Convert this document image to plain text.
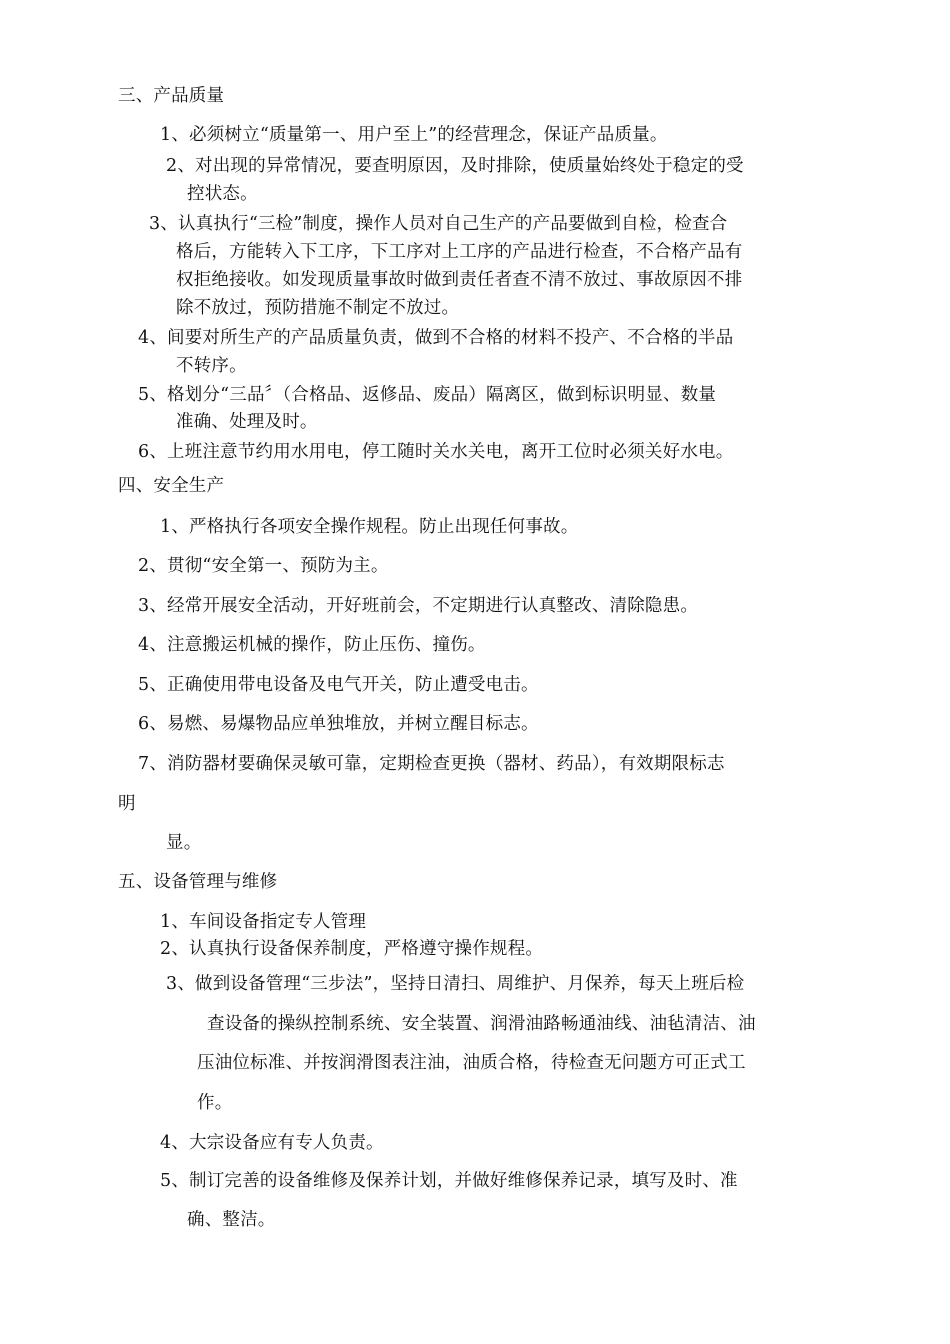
三、产品质量
1、必须树立“质量第一、用户至上”的经营理念，保证产品质量。
2、对出现的异常情况，要查明原因，及时排除，使质量始终处于稳定的受
控状态。
3、认真执行“三检”制度，操作人员对自己生产的产品要做到自检，检查合
格后，方能转入下工序，下工序对上工序的产品进行检查，不合格产品有
权拒绝接收。如发现质量事故时做到责任者查不清不放过、事故原因不排
除不放过，预防措施不制定不放过。
4、间要对所生产的产品质量负责，做到不合格的材料不投产、不合格的半品
不转序。
5、格划分“三品〞（合格品、返修品、废品）隔离区，做到标识明显、数量
准确、处理及时。
6、上班注意节约用水用电，停工随时关水关电，离开工位时必须关好水电。
四、安全生产
1、严格执行各项安全操作规程。防止出现任何事故。
2、贯彻“安全第一、预防为主。
3、经常开展安全活动，开好班前会，不定期进行认真整改、清除隐患。
4、注意搬运机械的操作，防止压伤、撞伤。
5、正确使用带电设备及电气开关，防止遭受电击。
6、易燃、易爆物品应单独堆放，并树立醒目标志。
7、消防器材要确保灵敏可靠，定期检查更换（器材、药品），有效期限标志
明
显。
五、设备管理与维修
1、车间设备指定专人管理
2、认真执行设备保养制度，严格遵守操作规程。
3、做到设备管理“三步法”，坚持日清扫、周维护、月保养，每天上班后检
查设备的操纵控制系统、安全装置、润滑油路畅通油线、油毡清洁、油
压油位标准、并按润滑图表注油，油质合格，待检查无问题方可正式工
作。
4、大宗设备应有专人负责。
5、制订完善的设备维修及保养计划，并做好维修保养记录，填写及时、准
确、整洁。
